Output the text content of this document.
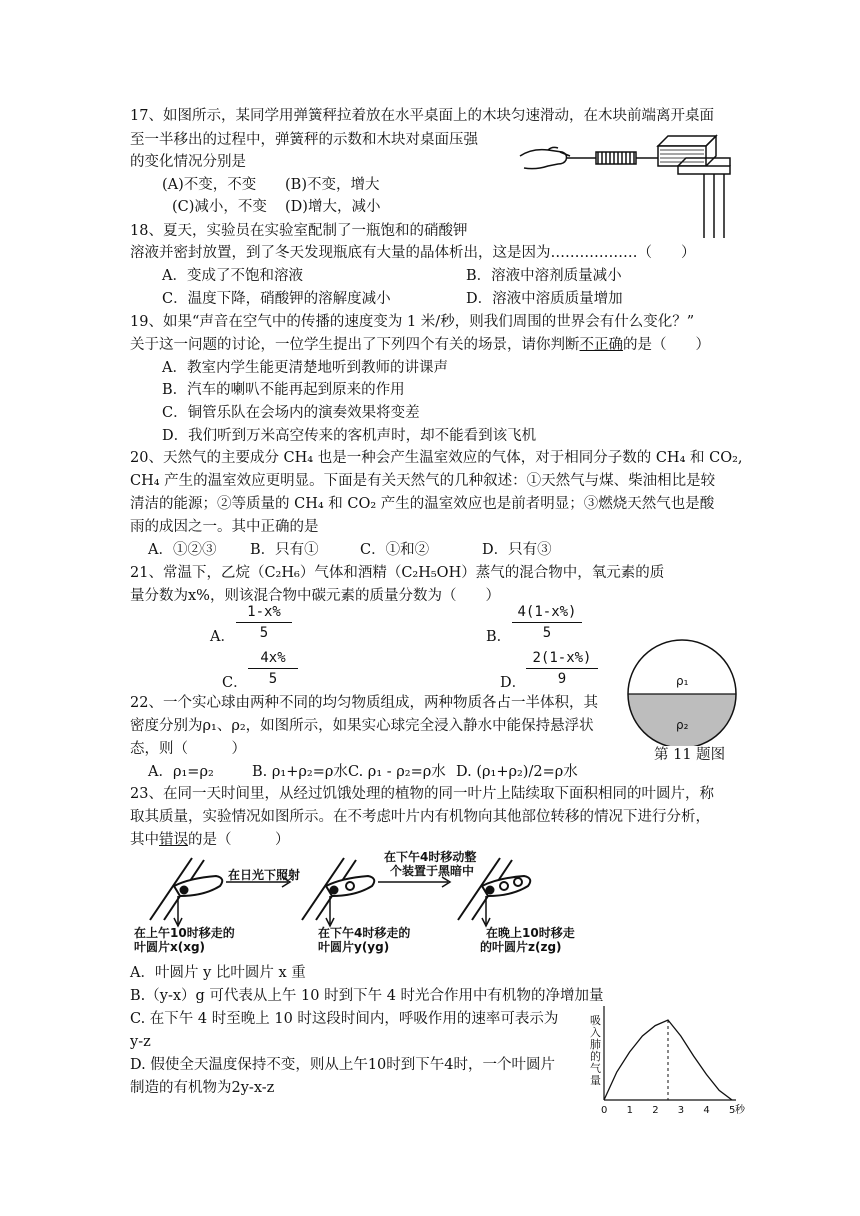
17、如图所示，某同学用弹簧秤拉着放在水平桌面上的木块匀速滑动，在木块前端离开桌面
至一半移出的过程中，弹簧秤的示数和木块对桌面压强
的变化情况分别是
(A)不变，不变 (B)不变，增大
(C)减小，不变 (D)增大，减小
18、夏天，实验员在实验室配制了一瓶饱和的硝酸钾
溶液并密封放置，到了冬天发现瓶底有大量的晶体析出，这是因为………………（　　）
A．变成了不饱和溶液	B．溶液中溶剂质量减小
C．温度下降，硝酸钾的溶解度减小	D．溶液中溶质质量增加
19、如果“声音在空气中的传播的速度变为 1 米/秒，则我们周围的世界会有什么变化？”
关于这一问题的讨论，一位学生提出了下列四个有关的场景，请你判断不正确的是（　　）
A．教室内学生能更清楚地听到教师的讲课声
B．汽车的喇叭不能再起到原来的作用
C．铜管乐队在会场内的演奏效果将变差
D．我们听到万米高空传来的客机声时，却不能看到该飞机
20、天然气的主要成分 CH₄ 也是一种会产生温室效应的气体，对于相同分子数的 CH₄ 和 CO₂,
CH₄ 产生的温室效应更明显。下面是有关天然气的几种叙述：①天然气与煤、柴油相比是较
清洁的能源；②等质量的 CH₄ 和 CO₂ 产生的温室效应也是前者明显；③燃烧天然气也是酸
雨的成因之一。其中正确的是
A．①②③ B．只有①	C．①和②	D．只有③
21、常温下，乙烷（C₂H₆）气体和酒精（C₂H₅OH）蒸气的混合物中，氧元素的质
量分数为x%，则该混合物中碳元素的质量分数为（　　）
A．
1-x%
5	B．
4(1-x%)
5
C．
4x%
5	D．
2(1-x%)
9	ρ₁
ρ₂
第 11 题图
22、一个实心球由两种不同的均匀物质组成，两种物质各占一半体积，其
密度分别为ρ₁、ρ₂，如图所示，如果实心球完全浸入静水中能保持悬浮状
态，则（　　　）
A．ρ₁=ρ₂	B. ρ₁+ρ₂=ρ水 C. ρ₁ - ρ₂=ρ水 D. (ρ₁+ρ₂)/2=ρ水
23、在同一天时间里，从经过饥饿处理的植物的同一叶片上陆续取下面积相同的叶圆片，称
取其质量，实验情况如图所示。在不考虑叶片内有机物向其他部位转移的情况下进行分析，
其中错误的是（　　　）
在日光下照射
在下午4时移动整
个装置于黑暗中
在上午10时移走的
叶圆片x(xg)
在下午4时移走的
叶圆片y(yg)
在晚上10时移走
的叶圆片z(zg)
A．叶圆片 y 比叶圆片 x 重
B.（y-x）g 可代表从上午 10 时到下午 4 时光合作用中有机物的净增加量
C. 在下午 4 时至晚上 10 时这段时间内，呼吸作用的速率可表示为
y-z
D. 假使全天温度保持不变，则从上午10时到下午4时，一个叶圆片
制造的有机物为2y-x-z
0 1 2 3 4 5
吸入肺的气量
秒
